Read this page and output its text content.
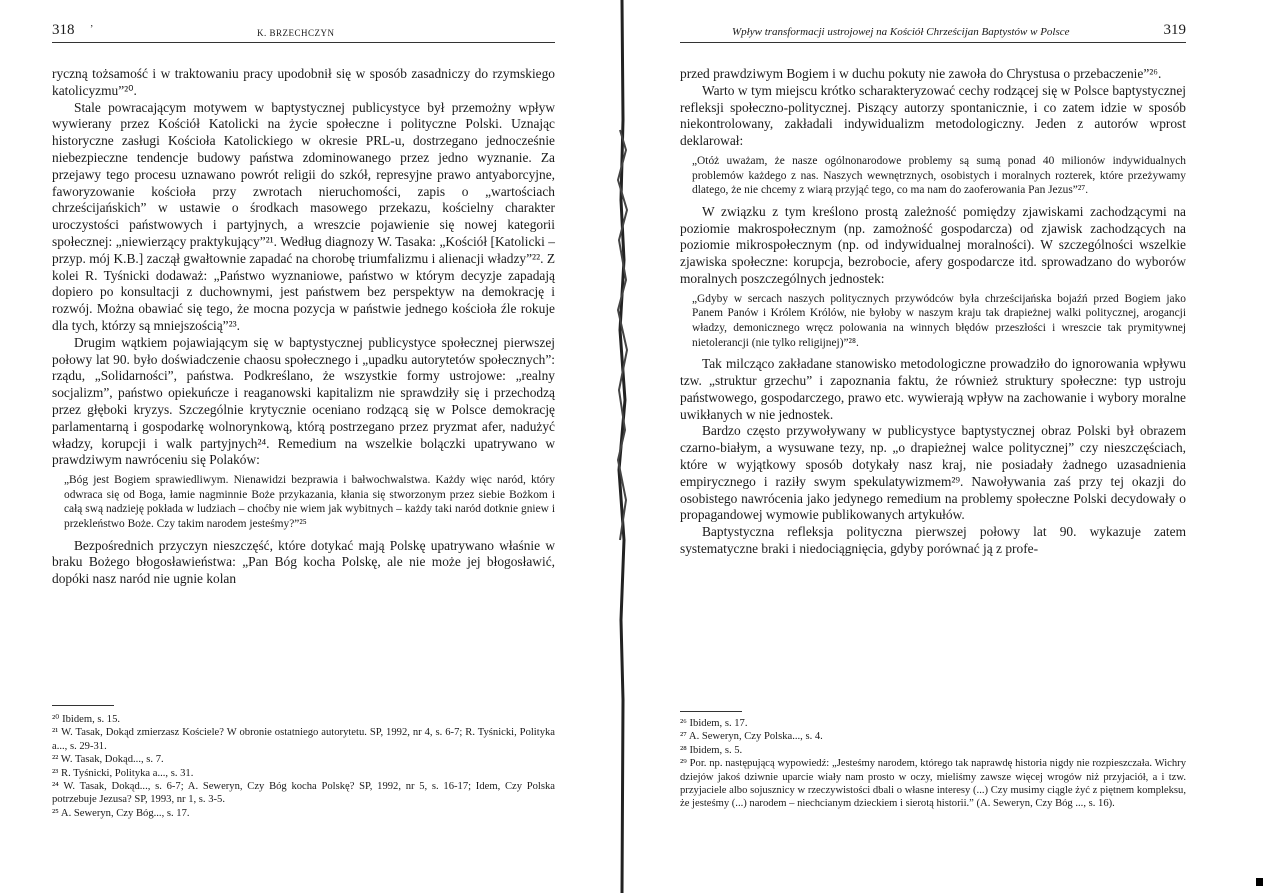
318 ’	K. BRZECHCZYN

ryczną tożsamość i w traktowaniu pracy upodobnił się w sposób zasadniczy do rzymskiego katolicyzmu”²⁰.

Stale powracającym motywem w baptystycznej publicystyce był przemożny wpływ wywierany przez Kościół Katolicki na życie społeczne i polityczne Polski. Uznając historyczne zasługi Kościoła Katolickiego w okresie PRL-u, dostrzegano jednocześnie niebezpieczne tendencje budowy państwa zdominowanego przez jedno wyznanie. Za przejawy tego procesu uznawano powrót religii do szkół, represyjne prawo antyaborcyjne, faworyzowanie kościoła przy zwrotach nieruchomości, zapis o „wartościach chrześcijańskich” w ustawie o środkach masowego przekazu, kościelny charakter uroczystości państwowych i partyjnych, a wreszcie pojawienie się nowej kategorii społecznej: „niewierzący praktykujący”²¹. Według diagnozy W. Tasaka: „Kościół [Katolicki – przyp. mój K.B.] zaczął gwałtownie zapadać na chorobę triumfalizmu i alienacji władzy”²². Z kolei R. Tyśnicki dodaważ: „Państwo wyznaniowe, państwo w którym decyzje zapadają dopiero po konsultacji z duchownymi, jest państwem bez perspektyw na demokrację i rozwój. Można obawiać się tego, że mocna pozycja w państwie jednego kościoła źle rokuje dla tych, którzy są mniejszością”²³.

Drugim wątkiem pojawiającym się w baptystycznej publicystyce społecznej pierwszej połowy lat 90. było doświadczenie chaosu społecznego i „upadku autorytetów społecznych”: rządu, „Solidarności”, państwa. Podkreślano, że wszystkie formy ustrojowe: „realny socjalizm”, państwo opiekuńcze i reaganowski kapitalizm nie sprawdziły się i przechodzą przez głęboki kryzys. Szczególnie krytycznie oceniano rodzącą się w Polsce demokrację parlamentarną i gospodarkę wolnorynkową, którą postrzegano przez pryzmat afer, nadużyć władzy, korupcji i walk partyjnych²⁴. Remedium na wszelkie bolączki upatrywano w prawdziwym nawróceniu się Polaków:

„Bóg jest Bogiem sprawiedliwym. Nienawidzi bezprawia i bałwochwalstwa. Każdy więc naród, który odwraca się od Boga, łamie nagminnie Boże przykazania, kłania się stworzonym przez siebie Bożkom i całą swą nadzieję pokłada w ludziach – choćby nie wiem jak wybitnych – każdy taki naród dotknie gniew i przekleństwo Boże. Czy takim narodem jesteśmy?”²⁵

Bezpośrednich przyczyn nieszczęść, które dotykać mają Polskę upatrywano właśnie w braku Bożego błogosławieństwa: „Pan Bóg kocha Polskę, ale nie może jej błogosławić, dopóki nasz naród nie ugnie kolan

²⁰ Ibidem, s. 15.

²¹ W. Tasak, Dokąd zmierzasz Kościele? W obronie ostatniego autorytetu. SP, 1992, nr 4, s. 6-7; R. Tyśnicki, Polityka a..., s. 29-31.

²² W. Tasak, Dokąd..., s. 7.

²³ R. Tyśnicki, Polityka a..., s. 31.

²⁴ W. Tasak, Dokąd..., s. 6-7; A. Seweryn, Czy Bóg kocha Polskę? SP, 1992, nr 5, s. 16-17; Idem, Czy Polska potrzebuje Jezusa? SP, 1993, nr 1, s. 3-5.

²⁵ A. Seweryn, Czy Bóg..., s. 17.

Wpływ transformacji ustrojowej na Kościół Chrześcijan Baptystów w Polsce	319

przed prawdziwym Bogiem i w duchu pokuty nie zawoła do Chrystusa o przebaczenie”²⁶.

Warto w tym miejscu krótko scharakteryzować cechy rodzącej się w Polsce baptystycznej refleksji społeczno-politycznej. Piszący autorzy spontanicznie, i co zatem idzie w sposób niekontrolowany, zakładali indywidualizm metodologiczny. Jeden z autorów wprost deklarował:

„Otóż uważam, że nasze ogólnonarodowe problemy są sumą ponad 40 milionów indywidualnych problemów każdego z nas. Naszych wewnętrznych, osobistych i moralnych rozterek, które przeżywamy dlatego, że nie chcemy z wiarą przyjąć tego, co ma nam do zaoferowania Pan Jezus”²⁷.

W związku z tym kreślono prostą zależność pomiędzy zjawiskami zachodzącymi na poziomie makrospołecznym (np. zamożność gospodarcza) od zjawisk zachodzących na poziomie mikrospołecznym (np. od indywidualnej moralności). W szczególności wszelkie zjawiska społeczne: korupcja, bezrobocie, afery gospodarcze itd. sprowadzano do wyborów moralnych poszczególnych jednostek:

„Gdyby w sercach naszych politycznych przywódców była chrześcijańska bojaźń przed Bogiem jako Panem Panów i Królem Królów, nie byłoby w naszym kraju tak drapieżnej walki politycznej, arogancji władzy, demonicznego wręcz polowania na winnych błędów przeszłości i wreszcie tak prymitywnej nietolerancji (nie tylko religijnej)”²⁸.

Tak milcząco zakładane stanowisko metodologiczne prowadziło do ignorowania wpływu tzw. „struktur grzechu” i zapoznania faktu, że również struktury społeczne: typ ustroju państwowego, gospodarczego, prawo etc. wywierają wpływ na zachowanie i wybory moralne uwikłanych w nie jednostek.

Bardzo często przywoływany w publicystyce baptystycznej obraz Polski był obrazem czarno-białym, a wysuwane tezy, np. „o drapieżnej walce politycznej” czy nieszczęściach, które w wyjątkowy sposób dotykały nasz kraj, nie posiadały żadnego uzasadnienia empirycznego i raziły swym spekulatywizmem²⁹. Nawoływania zaś przy tej okazji do osobistego nawrócenia jako jedynego remedium na problemy społeczne Polski decydowały o propagandowej wymowie publikowanych artykułów.

Baptystyczna refleksja polityczna pierwszej połowy lat 90. wykazuje zatem systematyczne braki i niedociągnięcia, gdyby porównać ją z profe-

²⁶ Ibidem, s. 17.

²⁷ A. Seweryn, Czy Polska..., s. 4.

²⁸ Ibidem, s. 5.

²⁹ Por. np. następującą wypowiedź: „Jesteśmy narodem, którego tak naprawdę historia nigdy nie rozpieszczała. Wichry dziejów jakoś dziwnie uparcie wiały nam prosto w oczy, mieliśmy zawsze więcej wrogów niż przyjaciół, a i tzw. przyjaciele albo sojusznicy w rzeczywistości dbali o własne interesy (...) Czy musimy ciągle żyć z piętnem kompleksu, że jesteśmy (...) narodem – niechcianym dzieckiem i sierotą historii.” (A. Seweryn, Czy Bóg ..., s. 16).
